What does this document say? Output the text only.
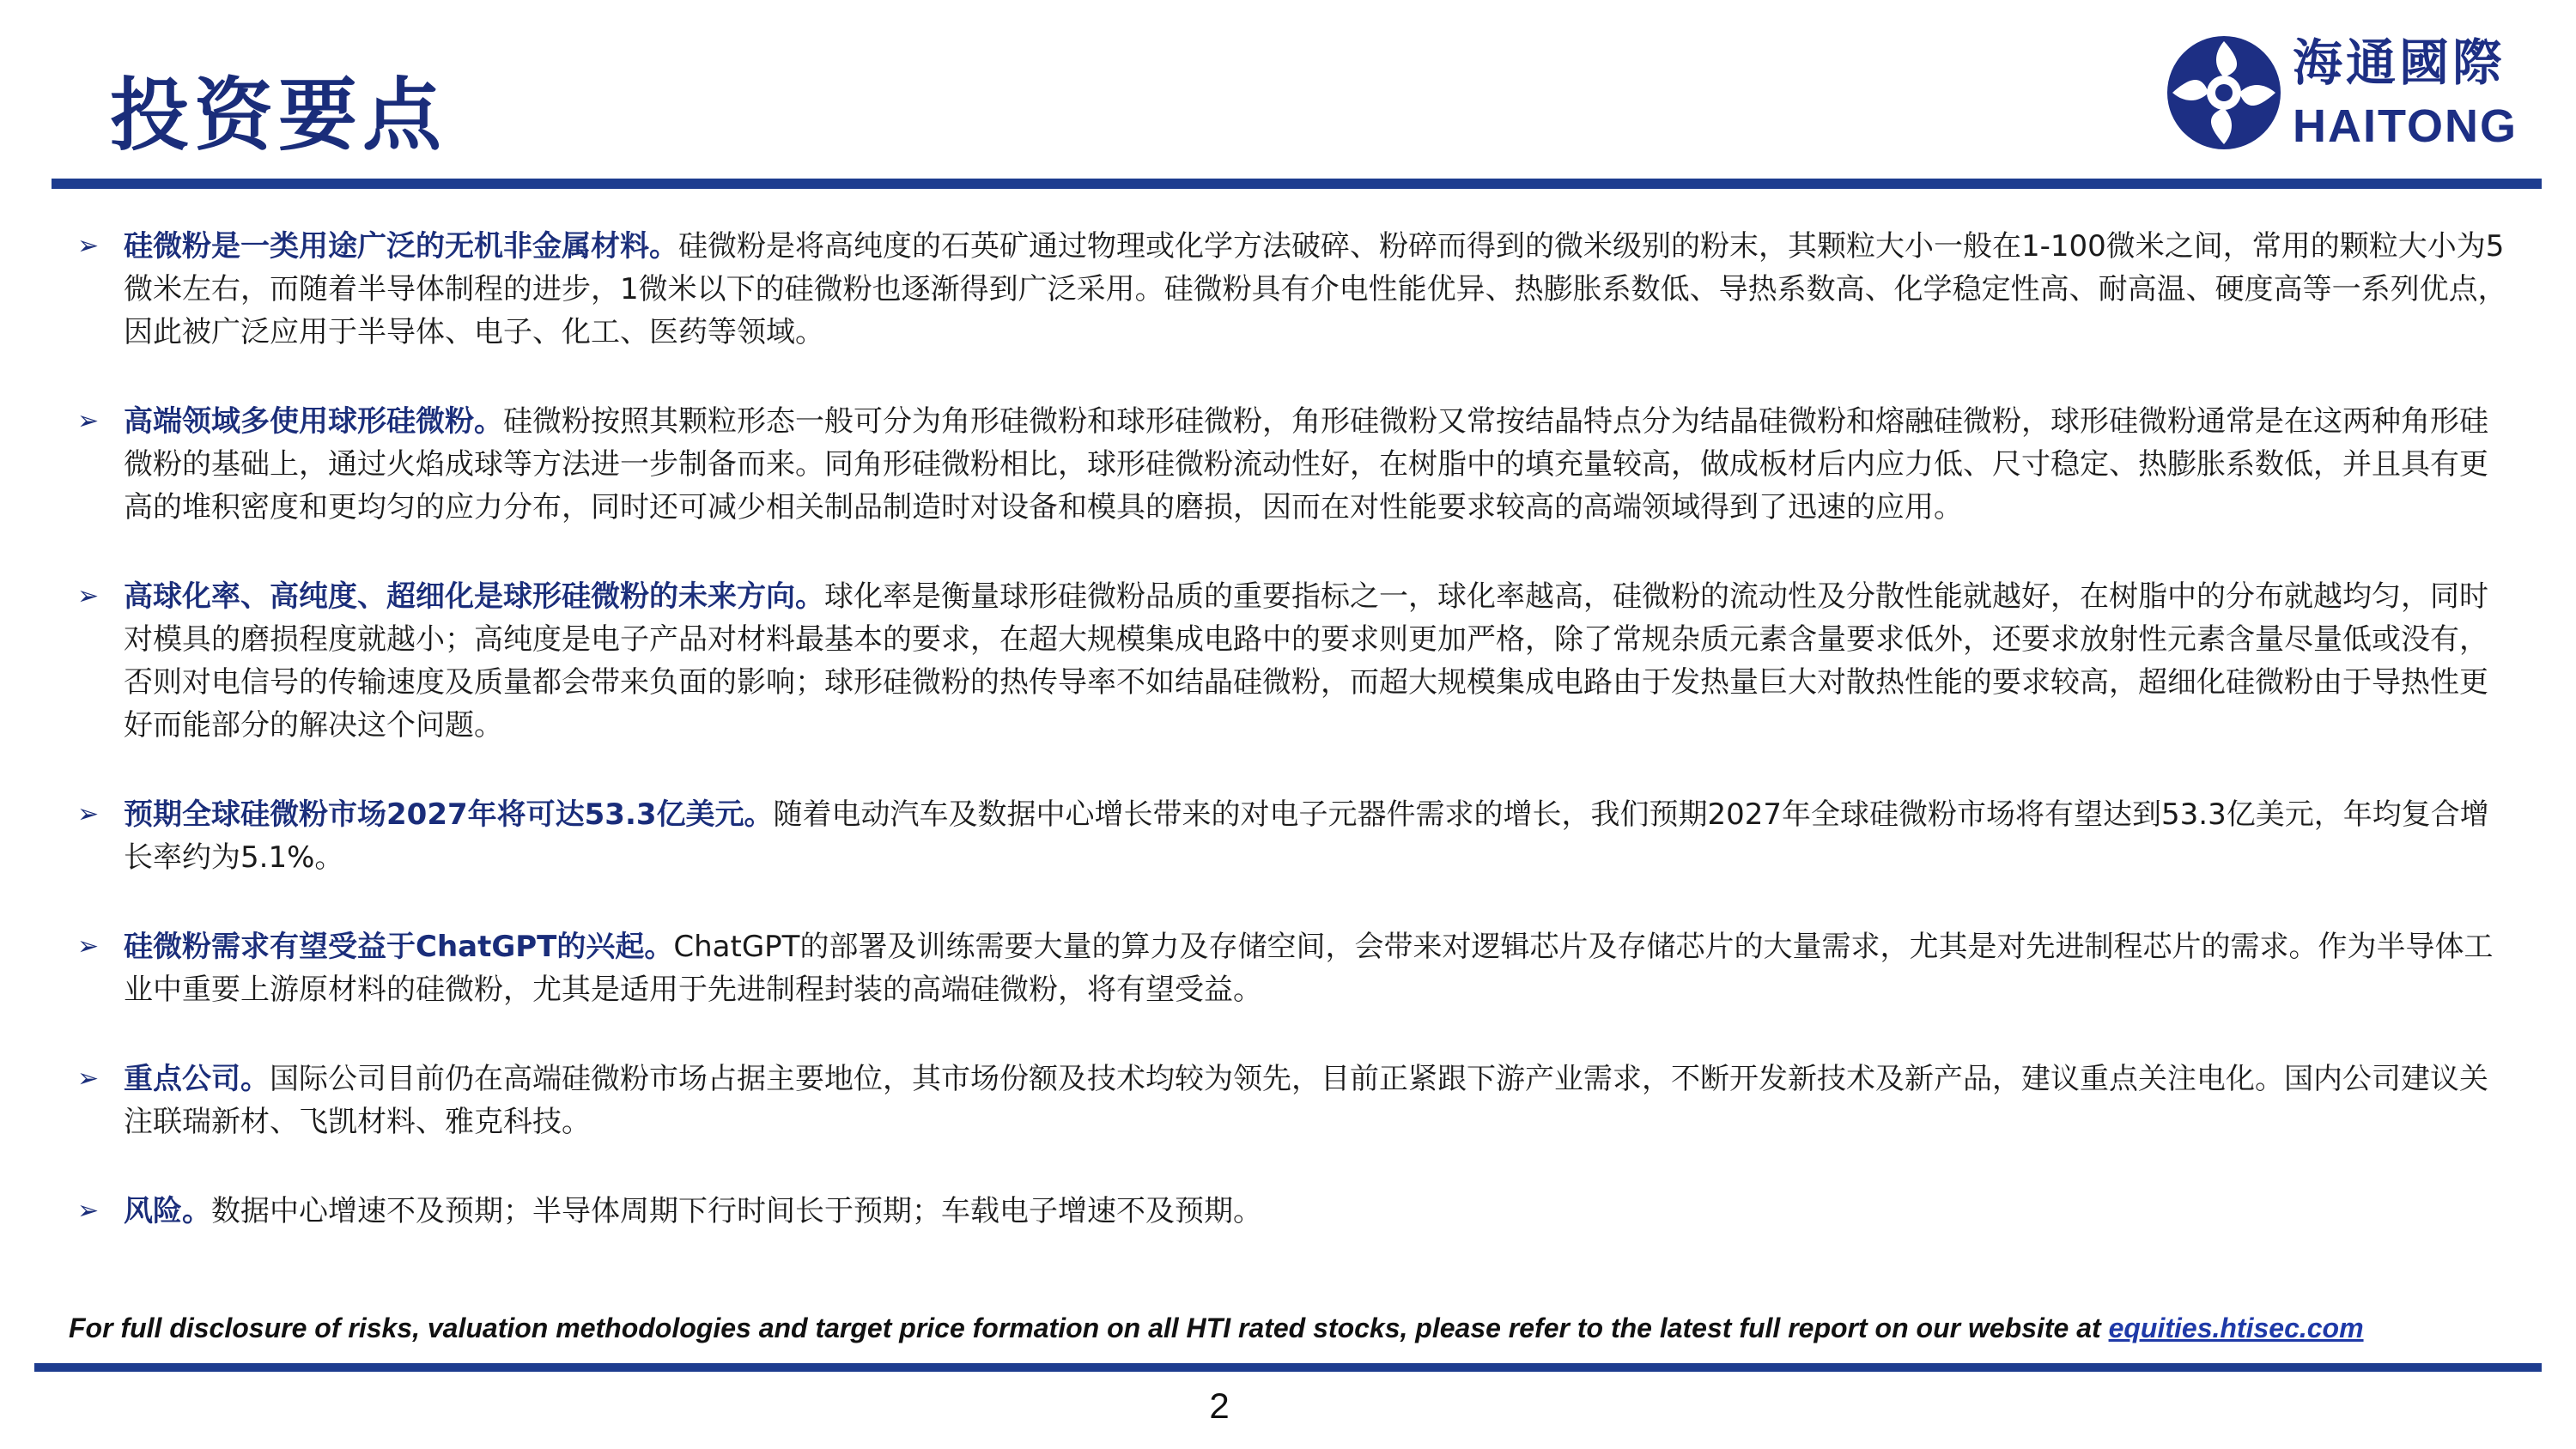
投资要点
海通國際
HAITONG
➢ 硅微粉是一类用途广泛的无机非金属材料。硅微粉是将高纯度的石英矿通过物理或化学方法破碎、粉碎而得到的微米级别的粉末，其颗粒大小一般在1-100微米之间，常用的颗粒大小为5微米左右，而随着半导体制程的进步，1微米以下的硅微粉也逐渐得到广泛采用。硅微粉具有介电性能优异、热膨胀系数低、导热系数高、化学稳定性高、耐高温、硬度高等一系列优点，因此被广泛应用于半导体、电子、化工、医药等领域。
➢ 高端领域多使用球形硅微粉。硅微粉按照其颗粒形态一般可分为角形硅微粉和球形硅微粉，角形硅微粉又常按结晶特点分为结晶硅微粉和熔融硅微粉，球形硅微粉通常是在这两种角形硅微粉的基础上，通过火焰成球等方法进一步制备而来。同角形硅微粉相比，球形硅微粉流动性好，在树脂中的填充量较高，做成板材后内应力低、尺寸稳定、热膨胀系数低，并且具有更高的堆积密度和更均匀的应力分布，同时还可减少相关制品制造时对设备和模具的磨损，因而在对性能要求较高的高端领域得到了迅速的应用。
➢ 高球化率、高纯度、超细化是球形硅微粉的未来方向。球化率是衡量球形硅微粉品质的重要指标之一，球化率越高，硅微粉的流动性及分散性能就越好，在树脂中的分布就越均匀，同时对模具的磨损程度就越小；高纯度是电子产品对材料最基本的要求，在超大规模集成电路中的要求则更加严格，除了常规杂质元素含量要求低外，还要求放射性元素含量尽量低或没有，否则对电信号的传输速度及质量都会带来负面的影响；球形硅微粉的热传导率不如结晶硅微粉，而超大规模集成电路由于发热量巨大对散热性能的要求较高，超细化硅微粉由于导热性更好而能部分的解决这个问题。
➢ 预期全球硅微粉市场2027年将可达53.3亿美元。随着电动汽车及数据中心增长带来的对电子元器件需求的增长，我们预期2027年全球硅微粉市场将有望达到53.3亿美元，年均复合增长率约为5.1%。
➢ 硅微粉需求有望受益于ChatGPT的兴起。ChatGPT的部署及训练需要大量的算力及存储空间，会带来对逻辑芯片及存储芯片的大量需求，尤其是对先进制程芯片的需求。作为半导体工业中重要上游原材料的硅微粉，尤其是适用于先进制程封装的高端硅微粉，将有望受益。
➢ 重点公司。国际公司目前仍在高端硅微粉市场占据主要地位，其市场份额及技术均较为领先，目前正紧跟下游产业需求，不断开发新技术及新产品，建议重点关注电化。国内公司建议关注联瑞新材、飞凯材料、雅克科技。
➢ 风险。数据中心增速不及预期；半导体周期下行时间长于预期；车载电子增速不及预期。
For full disclosure of risks, valuation methodologies and target price formation on all HTI rated stocks, please refer to the latest full report on our website at equities.htisec.com
2
